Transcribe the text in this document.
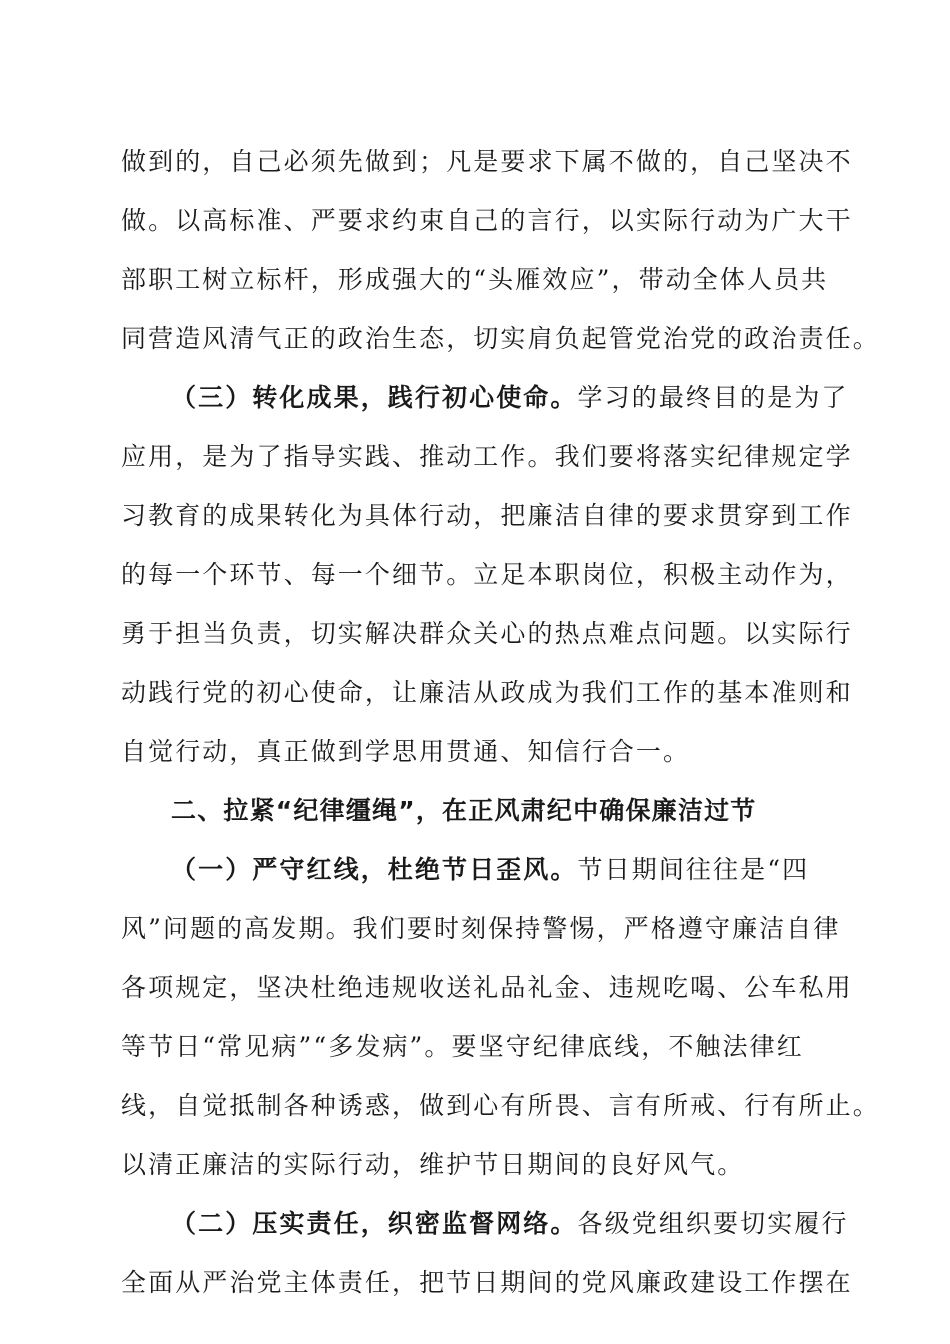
做到的，自己必须先做到；凡是要求下属不做的，自己坚决不
做。以高标准、严要求约束自己的言行，以实际行动为广大干
部职工树立标杆，形成强大的“头雁效应”，带动全体人员共
同营造风清气正的政治生态，切实肩负起管党治党的政治责任。
（三）转化成果，践行初心使命。学习的最终目的是为了
应用，是为了指导实践、推动工作。我们要将落实纪律规定学
习教育的成果转化为具体行动，把廉洁自律的要求贯穿到工作
的每一个环节、每一个细节。立足本职岗位，积极主动作为，
勇于担当负责，切实解决群众关心的热点难点问题。以实际行
动践行党的初心使命，让廉洁从政成为我们工作的基本准则和
自觉行动，真正做到学思用贯通、知信行合一。
二、拉紧“纪律缰绳”，在正风肃纪中确保廉洁过节
（一）严守红线，杜绝节日歪风。节日期间往往是“四
风”问题的高发期。我们要时刻保持警惕，严格遵守廉洁自律
各项规定，坚决杜绝违规收送礼品礼金、违规吃喝、公车私用
等节日“常见病”“多发病”。要坚守纪律底线，不触法律红
线，自觉抵制各种诱惑，做到心有所畏、言有所戒、行有所止。
以清正廉洁的实际行动，维护节日期间的良好风气。
（二）压实责任，织密监督网络。各级党组织要切实履行
全面从严治党主体责任，把节日期间的党风廉政建设工作摆在
